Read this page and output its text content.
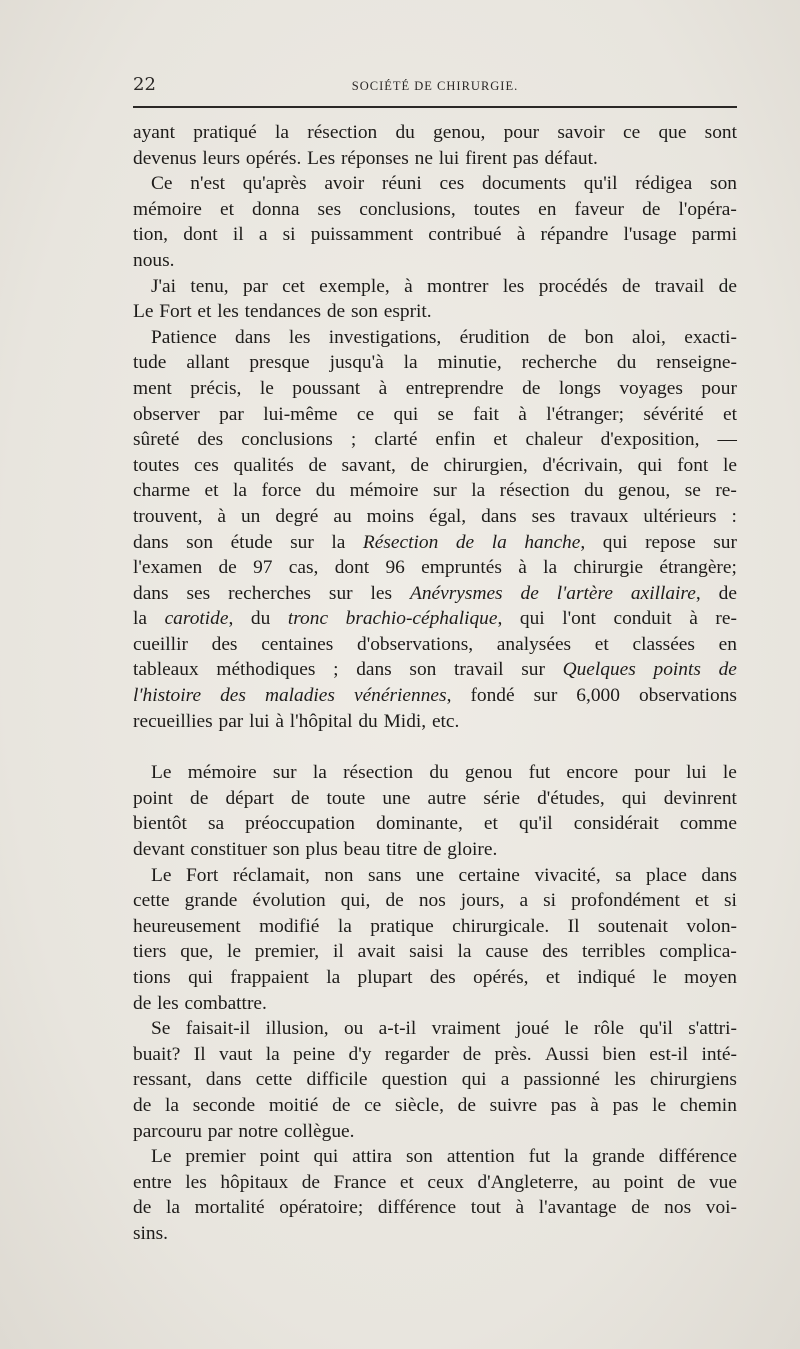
22	SOCIÉTÉ DE CHIRURGIE.
ayant pratiqué la résection du genou, pour savoir ce que sont
devenus leurs opérés. Les réponses ne lui firent pas défaut.
Ce n'est qu'après avoir réuni ces documents qu'il rédigea son
mémoire et donna ses conclusions, toutes en faveur de l'opéra-
tion, dont il a si puissamment contribué à répandre l'usage parmi
nous.
J'ai tenu, par cet exemple, à montrer les procédés de travail de
Le Fort et les tendances de son esprit.
Patience dans les investigations, érudition de bon aloi, exacti-
tude allant presque jusqu'à la minutie, recherche du renseigne-
ment précis, le poussant à entreprendre de longs voyages pour
observer par lui-même ce qui se fait à l'étranger; sévérité et
sûreté des conclusions ; clarté enfin et chaleur d'exposition, —
toutes ces qualités de savant, de chirurgien, d'écrivain, qui font le
charme et la force du mémoire sur la résection du genou, se re-
trouvent, à un degré au moins égal, dans ses travaux ultérieurs :
dans son étude sur la Résection de la hanche, qui repose sur
l'examen de 97 cas, dont 96 empruntés à la chirurgie étrangère;
dans ses recherches sur les Anévrysmes de l'artère axillaire, de
la carotide, du tronc brachio-céphalique, qui l'ont conduit à re-
cueillir des centaines d'observations, analysées et classées en
tableaux méthodiques ; dans son travail sur Quelques points de
l'histoire des maladies vénériennes, fondé sur 6,000 observations
recueillies par lui à l'hôpital du Midi, etc.
Le mémoire sur la résection du genou fut encore pour lui le
point de départ de toute une autre série d'études, qui devinrent
bientôt sa préoccupation dominante, et qu'il considérait comme
devant constituer son plus beau titre de gloire.
Le Fort réclamait, non sans une certaine vivacité, sa place dans
cette grande évolution qui, de nos jours, a si profondément et si
heureusement modifié la pratique chirurgicale. Il soutenait volon-
tiers que, le premier, il avait saisi la cause des terribles complica-
tions qui frappaient la plupart des opérés, et indiqué le moyen
de les combattre.
Se faisait-il illusion, ou a-t-il vraiment joué le rôle qu'il s'attri-
buait? Il vaut la peine d'y regarder de près. Aussi bien est-il inté-
ressant, dans cette difficile question qui a passionné les chirurgiens
de la seconde moitié de ce siècle, de suivre pas à pas le chemin
parcouru par notre collègue.
Le premier point qui attira son attention fut la grande différence
entre les hôpitaux de France et ceux d'Angleterre, au point de vue
de la mortalité opératoire; différence tout à l'avantage de nos voi-
sins.
